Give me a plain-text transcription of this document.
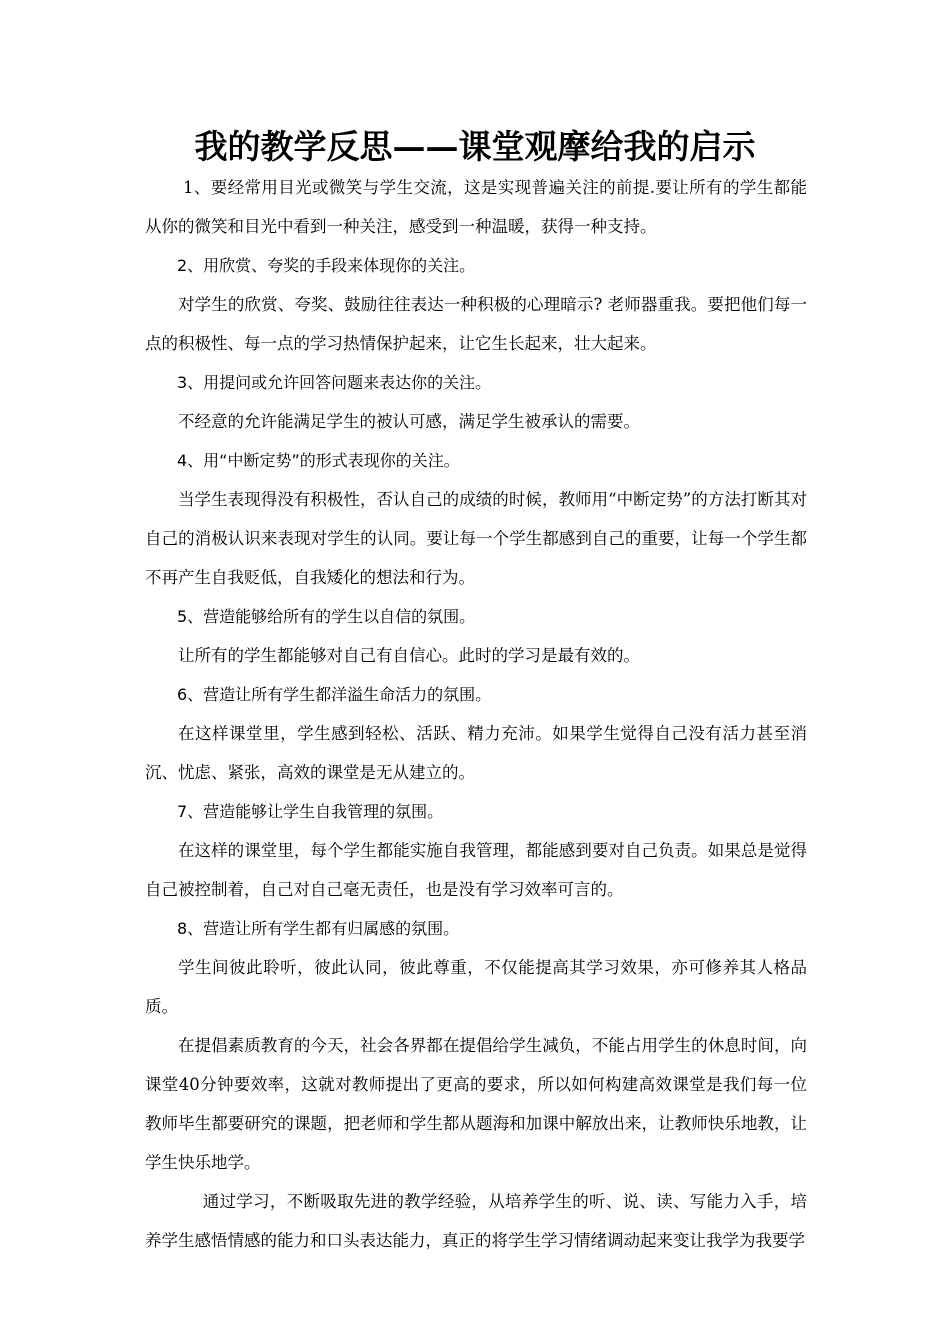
我的教学反思——课堂观摩给我的启示

1、要经常用目光或微笑与学生交流，这是实现普遍关注的前提.要让所有的学生都能从你的微笑和目光中看到一种关注，感受到一种温暖，获得一种支持。

2、用欣赏、夸奖的手段来体现你的关注。

对学生的欣赏、夸奖、鼓励往往表达一种积极的心理暗示? 老师器重我。要把他们每一点的积极性、每一点的学习热情保护起来，让它生长起来，壮大起来。

3、用提问或允许回答问题来表达你的关注。

不经意的允许能满足学生的被认可感，满足学生被承认的需要。

4、用“中断定势”的形式表现你的关注。

当学生表现得没有积极性，否认自己的成绩的时候，教师用“中断定势”的方法打断其对自己的消极认识来表现对学生的认同。要让每一个学生都感到自己的重要，让每一个学生都不再产生自我贬低，自我矮化的想法和行为。

5、营造能够给所有的学生以自信的氛围。

让所有的学生都能够对自己有自信心。此时的学习是最有效的。

6、营造让所有学生都洋溢生命活力的氛围。

在这样课堂里，学生感到轻松、活跃、精力充沛。如果学生觉得自己没有活力甚至消沉、忧虑、紧张，高效的课堂是无从建立的。

7、营造能够让学生自我管理的氛围。

在这样的课堂里，每个学生都能实施自我管理，都能感到要对自己负责。如果总是觉得自己被控制着，自己对自己毫无责任，也是没有学习效率可言的。

8、营造让所有学生都有归属感的氛围。

学生间彼此聆听，彼此认同，彼此尊重，不仅能提高其学习效果，亦可修养其人格品质。

在提倡素质教育的今天，社会各界都在提倡给学生减负，不能占用学生的休息时间，向课堂40分钟要效率，这就对教师提出了更高的要求，所以如何构建高效课堂是我们每一位教师毕生都要研究的课题，把老师和学生都从题海和加课中解放出来，让教师快乐地教，让学生快乐地学。

通过学习，不断吸取先进的教学经验，从培养学生的听、说、读、写能力入手，培养学生感悟情感的能力和口头表达能力，真正的将学生学习情绪调动起来变让我学为我要学
